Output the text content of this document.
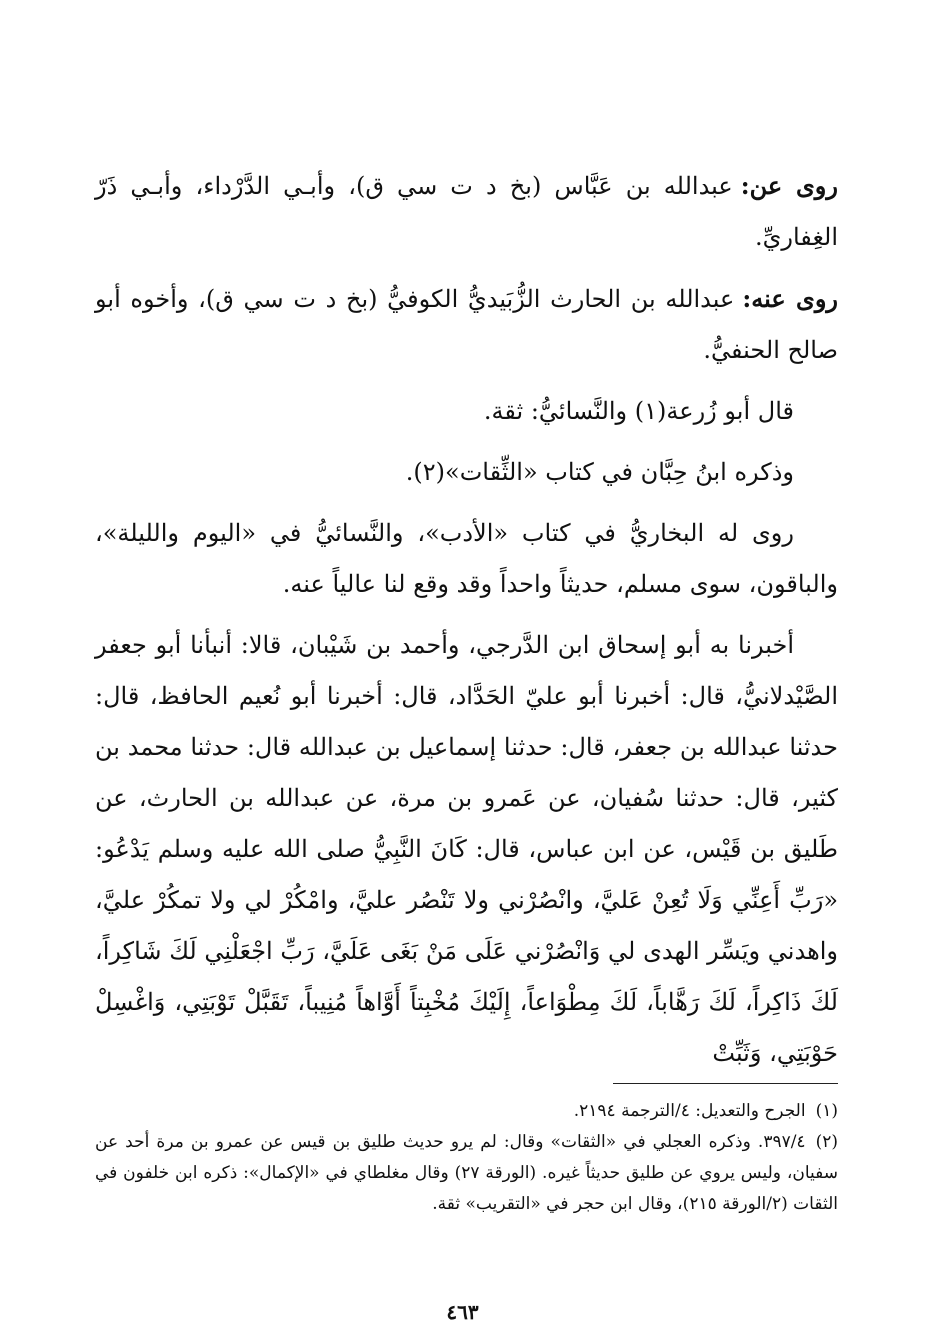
روى عن:عبدالله بن عَبَّاس (بخ د ت سي ق)، وأبـي الدَّرْداء، وأبـي ذَرّ الغِفاريِّ.

روى عنه:عبدالله بن الحارث الزُّبَيديُّ الكوفيُّ (بخ د ت سي ق)، وأخوه أبو صالح الحنفيُّ.

قال أبو زُرعة(١) والنَّسائيُّ: ثقة.

وذكره ابنُ حِبَّان في كتاب «الثِّقات»(٢).

روى له البخاريُّ في كتاب «الأدب»، والنَّسائيُّ في «اليوم والليلة»، والباقون، سوى مسلم، حديثاً واحداً وقد وقع لنا عالياً عنه.

أخبرنا به أبو إسحاق ابن الدَّرجي، وأحمد بن شَيْبان، قالا: أنبأنا أبو جعفر الصَّيْدلانيُّ، قال: أخبرنا أبو عليّ الحَدَّاد، قال: أخبرنا أبو نُعيم الحافظ، قال: حدثنا عبدالله بن جعفر، قال: حدثنا إسماعيل بن عبدالله قال: حدثنا محمد بن كثير، قال: حدثنا سُفيان، عن عَمرو بن مرة، عن عبدالله بن الحارث، عن طَليق بن قَيْس، عن ابن عباس، قال: كَانَ النَّبِيُّ صلى الله عليه وسلم يَدْعُو: «رَبِّ أَعِنِّي وَلَا تُعِنْ عَليَّ، وانْصُرْني ولا تَنْصُر عليَّ، وامْكُرْ لي ولا تمكُرْ عليَّ، واهدني ويَسِّر الهدى لي وَانْصُرْني عَلَى مَنْ بَغَى عَلَيَّ، رَبِّ اجْعَلْنِي لَكَ شَاكِراً، لَكَ ذَاكِراً، لَكَ رَهَّاباً، لَكَ مِطْوَاعاً، إِلَيْكَ مُخْبِتاً أَوَّاهاً مُنِيباً، تَقَبَّلْ تَوْبَتِي، وَاغْسِلْ حَوْبَتِي، وَثَبِّتْ

(١)الجرح والتعديل: ٤/الترجمة ٢١٩٤.

(٢)٣٩٧/٤. وذكره العجلي في «الثقات» وقال: لم يرو حديث طليق بن قيس عن عمرو بن مرة أحد عن سفيان، وليس يروي عن طليق حديثاً غيره. (الورقة ٢٧) وقال مغلطاي في «الإكمال»: ذكره ابن خلفون في الثقات (٢/الورقة ٢١٥)، وقال ابن حجر في «التقريب» ثقة.

٤٦٣
